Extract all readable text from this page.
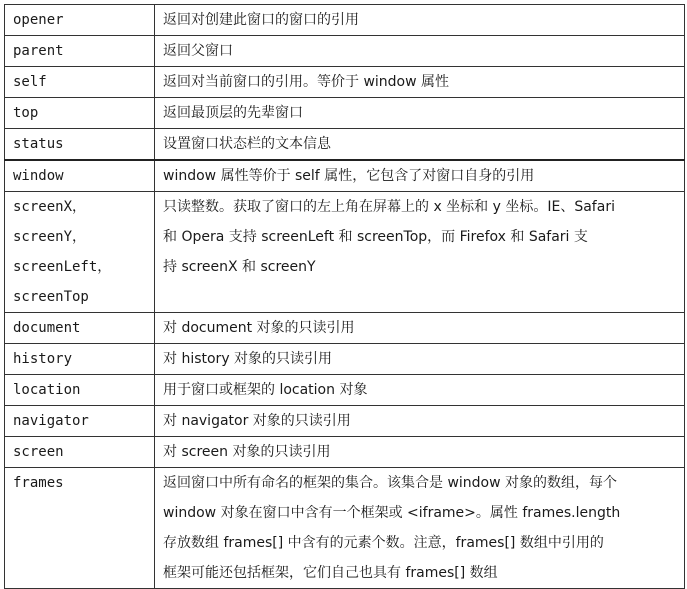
opener	返回对创建此窗口的窗口的引用

parent	返回父窗口

self	返回对当前窗口的引用。等价于 window 属性

top	返回最顶层的先辈窗口

status	设置窗口状态栏的文本信息

window	window 属性等价于 self 属性，它包含了对窗口自身的引用

screenX，
screenY，
screenLeft，
screenTop	只读整数。获取了窗口的左上角在屏幕上的 x 坐标和 y 坐标。IE、Safari
和 Opera 支持 screenLeft 和 screenTop，而 Firefox 和 Safari 支
持 screenX 和 screenY

document	对 document 对象的只读引用

history	对 history 对象的只读引用

location	用于窗口或框架的 location 对象

navigator	对 navigator 对象的只读引用

screen	对 screen 对象的只读引用

frames	返回窗口中所有命名的框架的集合。该集合是 window 对象的数组，每个
window 对象在窗口中含有一个框架或 <iframe>。属性 frames.length
存放数组 frames[] 中含有的元素个数。注意，frames[] 数组中引用的
框架可能还包括框架，它们自己也具有 frames[] 数组
